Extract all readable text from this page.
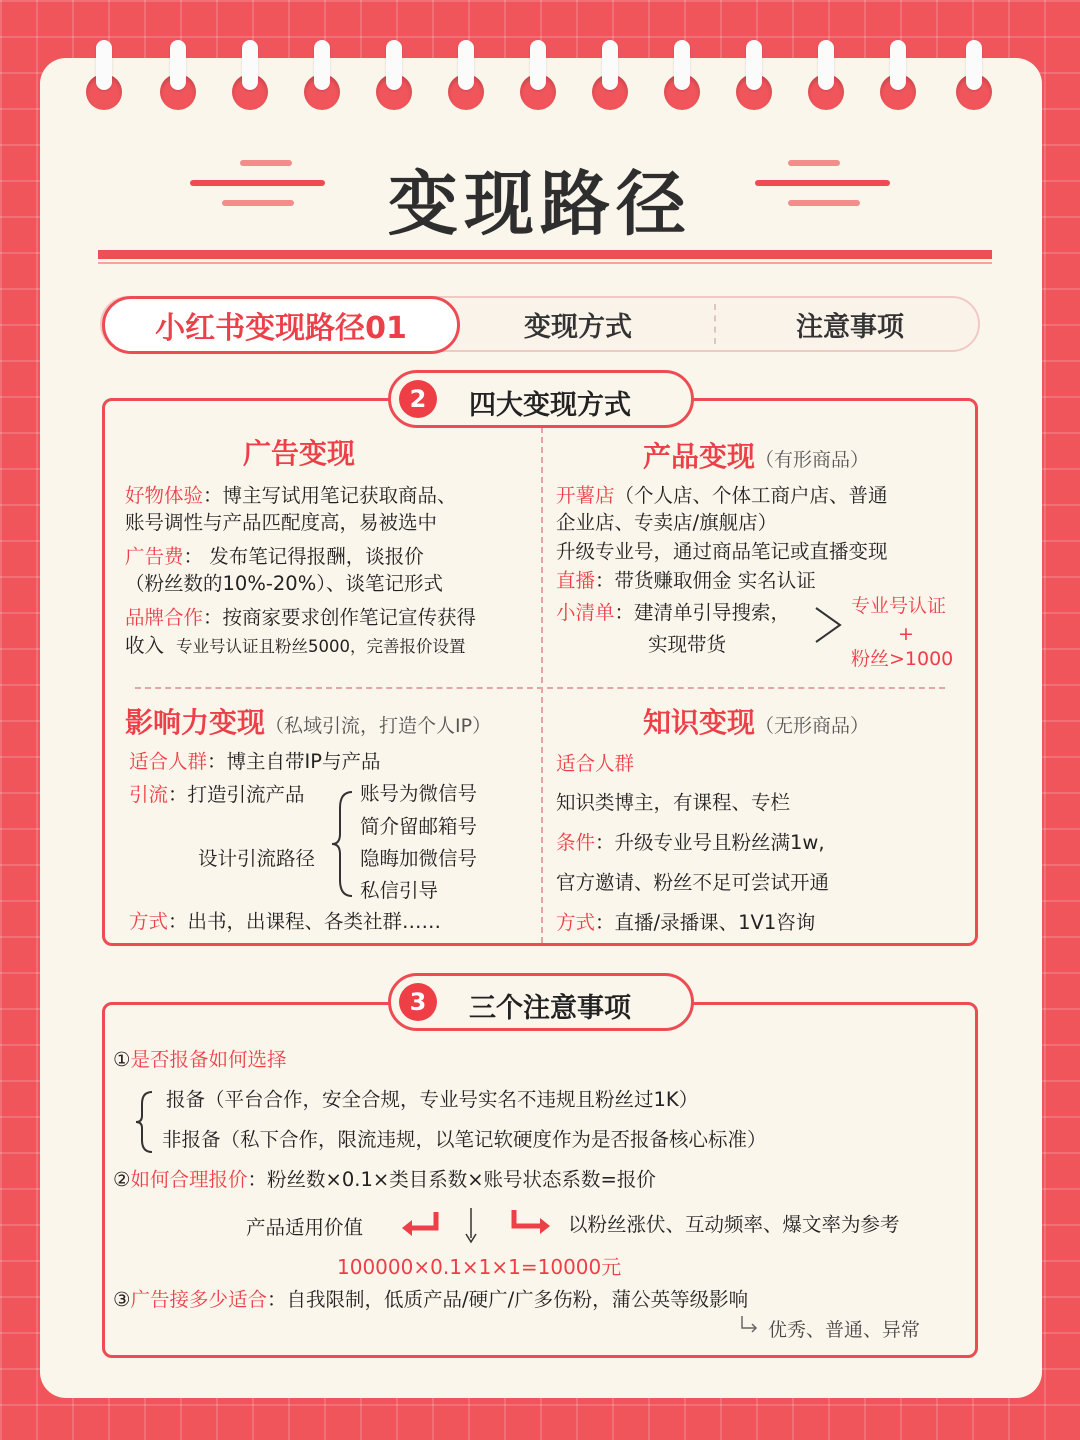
变现路径
小红书变现路径01	变现方式	注意事项
2	四大变现方式
广告变现
好物体验：博主写试用笔记获取商品、
账号调性与产品匹配度高，易被选中
广告费： 发布笔记得报酬，谈报价
（粉丝数的10%-20%）、谈笔记形式
品牌合作：按商家要求创作笔记宣传获得
收入 专业号认证且粉丝5000，完善报价设置
产品变现（有形商品）
开薯店（个人店、个体工商户店、普通
企业店、专卖店/旗舰店）
升级专业号，通过商品笔记或直播变现
直播：带货赚取佣金 实名认证
小清单：建清单引导搜索，
实现带货
专业号认证
+
粉丝>1000
影响力变现（私域引流，打造个人IP）
适合人群：博主自带IP与产品
引流：打造引流产品
设计引流路径
账号为微信号
简介留邮箱号
隐晦加微信号
私信引导
方式：出书，出课程、各类社群……
知识变现（无形商品）
适合人群
知识类博主，有课程、专栏
条件：升级专业号且粉丝满1w,
官方邀请、粉丝不足可尝试开通
方式：直播/录播课、1V1咨询
3	三个注意事项
①是否报备如何选择
报备（平台合作，安全合规，专业号实名不违规且粉丝过1K）
非报备（私下合作，限流违规，以笔记软硬度作为是否报备核心标准）
②如何合理报价：粉丝数×0.1×类目系数×账号状态系数=报价
产品适用价值	以粉丝涨伏、互动频率、爆文率为参考
100000×0.1×1×1=10000元
③广告接多少适合：自我限制，低质产品/硬广/广多伤粉，蒲公英等级影响
优秀、普通、异常
